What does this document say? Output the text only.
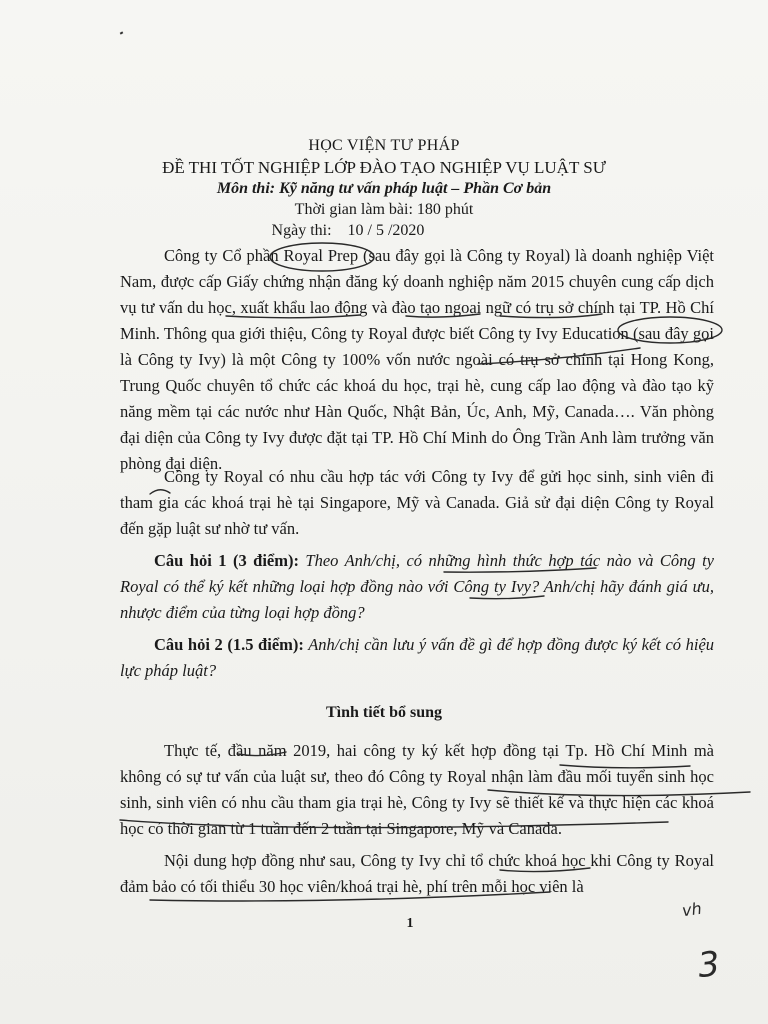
HỌC VIỆN TƯ PHÁP
ĐỀ THI TỐT NGHIỆP LỚP ĐÀO TẠO NGHIỆP VỤ LUẬT SƯ
Môn thi: Kỹ năng tư vấn pháp luật – Phần Cơ bản
Thời gian làm bài: 180 phút
Ngày thi:    10 / 5 /2020

Công ty Cổ phần Royal Prep (sau đây gọi là Công ty Royal) là doanh nghiệp Việt Nam, được cấp Giấy chứng nhận đăng ký doanh nghiệp năm 2015 chuyên cung cấp dịch vụ tư vấn du học, xuất khẩu lao động và đào tạo ngoại ngữ có trụ sở chính tại TP. Hồ Chí Minh. Thông qua giới thiệu, Công ty Royal được biết Công ty Ivy Education (sau đây gọi là Công ty Ivy) là một Công ty 100% vốn nước ngoài có trụ sở chính tại Hong Kong, Trung Quốc chuyên tổ chức các khoá du học, trại hè, cung cấp lao động và đào tạo kỹ năng mềm tại các nước như Hàn Quốc, Nhật Bản, Úc, Anh, Mỹ, Canada…. Văn phòng đại diện của Công ty Ivy được đặt tại TP. Hồ Chí Minh do Ông Trần Anh làm trưởng văn phòng đại diện.

Công ty Royal có nhu cầu hợp tác với Công ty Ivy để gửi học sinh, sinh viên đi tham gia các khoá trại hè tại Singapore, Mỹ và Canada. Giả sử đại diện Công ty Royal đến gặp luật sư nhờ tư vấn.

Câu hỏi 1 (3 điểm): Theo Anh/chị, có những hình thức hợp tác nào và Công ty Royal có thể ký kết những loại hợp đồng nào với Công ty Ivy? Anh/chị hãy đánh giá ưu, nhược điểm của từng loại hợp đồng?

Câu hỏi 2 (1.5 điểm): Anh/chị cần lưu ý vấn đề gì để hợp đồng được ký kết có hiệu lực pháp luật?

Tình tiết bổ sung

Thực tế, đầu năm 2019, hai công ty ký kết hợp đồng tại Tp. Hồ Chí Minh mà không có sự tư vấn của luật sư, theo đó Công ty Royal nhận làm đầu mối tuyển sinh học sinh, sinh viên có nhu cầu tham gia trại hè, Công ty Ivy sẽ thiết kế và thực hiện các khoá học có thời gian từ 1 tuần đến 2 tuần tại Singapore, Mỹ và Canada.

Nội dung hợp đồng như sau, Công ty Ivy chỉ tổ chức khoá học khi Công ty Royal đảm bảo có tối thiểu 30 học viên/khoá trại hè, phí trên mỗi học viên là

1
vh
3
